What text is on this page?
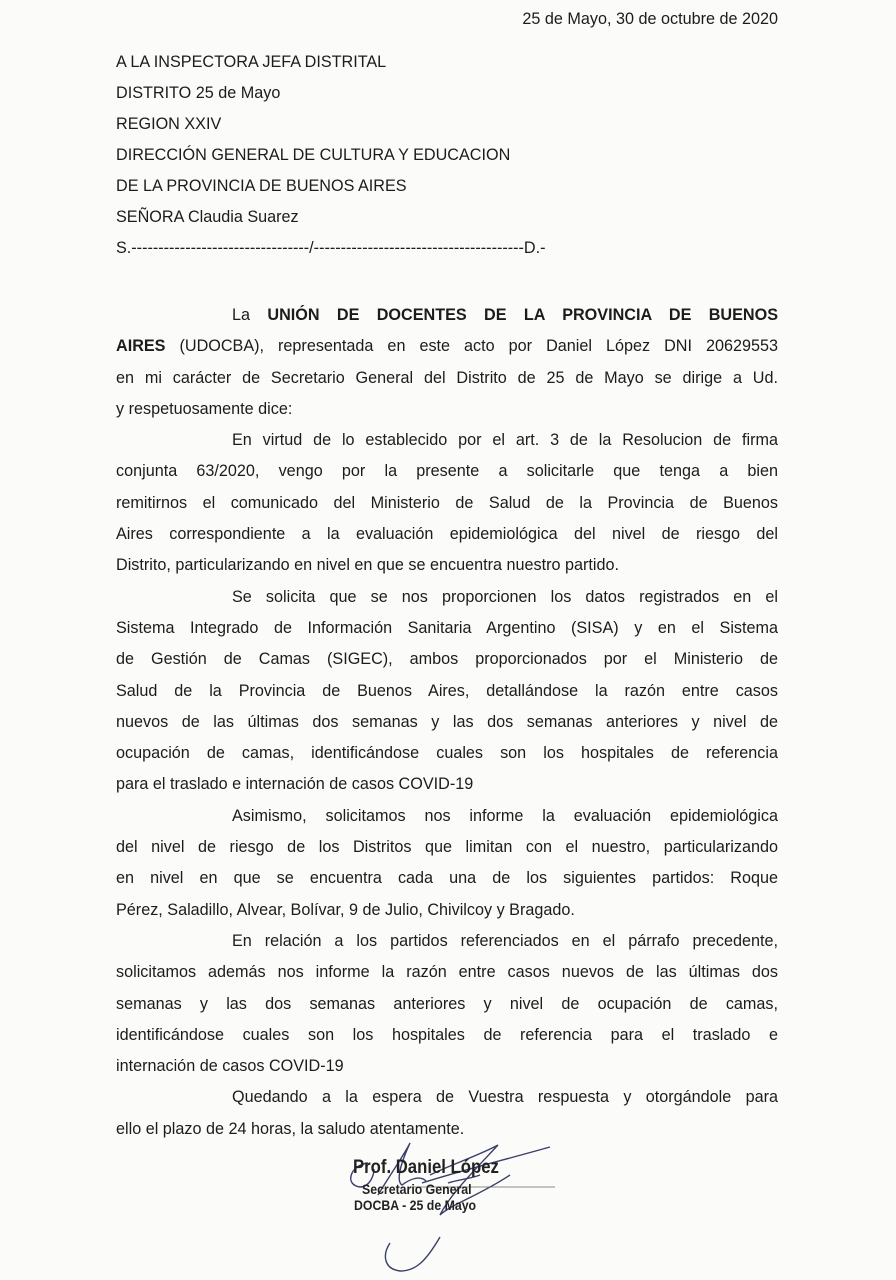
25 de Mayo, 30 de octubre de 2020
A LA INSPECTORA JEFA DISTRITAL
DISTRITO 25 de Mayo
REGION XXIV
DIRECCIÓN GENERAL DE CULTURA Y EDUCACION
DE LA PROVINCIA DE BUENOS AIRES
SEÑORA Claudia Suarez
S.---------------------------------/---------------------------------------D.-
La UNIÓN DE DOCENTES DE LA PROVINCIA DE BUENOS
AIRES (UDOCBA), representada en este acto por Daniel López DNI 20629553
en mi carácter de Secretario General del Distrito de 25 de Mayo se dirige a Ud.
y respetuosamente dice:
En virtud de lo establecido por el art. 3 de la Resolucion de firma
conjunta 63/2020, vengo por la presente a solicitarle que tenga a bien
remitirnos el comunicado del Ministerio de Salud de la Provincia de Buenos
Aires correspondiente a la evaluación epidemiológica del nivel de riesgo del
Distrito, particularizando en nivel en que se encuentra nuestro partido.
Se solicita que se nos proporcionen los datos registrados en el
Sistema Integrado de Información Sanitaria Argentino (SISA) y en el Sistema
de Gestión de Camas (SIGEC), ambos proporcionados por el Ministerio de
Salud de la Provincia de Buenos Aires, detallándose la razón entre casos
nuevos de las últimas dos semanas y las dos semanas anteriores y nivel de
ocupación de camas, identificándose cuales son los hospitales de referencia
para el traslado e internación de casos COVID-19
Asimismo, solicitamos nos informe la evaluación epidemiológica
del nivel de riesgo de los Distritos que limitan con el nuestro, particularizando
en nivel en que se encuentra cada una de los siguientes partidos: Roque
Pérez, Saladillo, Alvear, Bolívar, 9 de Julio, Chivilcoy y Bragado.
En relación a los partidos referenciados en el párrafo precedente,
solicitamos además nos informe la razón entre casos nuevos de las últimas dos
semanas y las dos semanas anteriores y nivel de ocupación de camas,
identificándose cuales son los hospitales de referencia para el traslado e
internación de casos COVID-19
Quedando a la espera de Vuestra respuesta y otorgándole para
ello el plazo de 24 horas, la saludo atentamente.
Prof. Daniel López
Secretario General
DOCBA - 25 de Mayo
